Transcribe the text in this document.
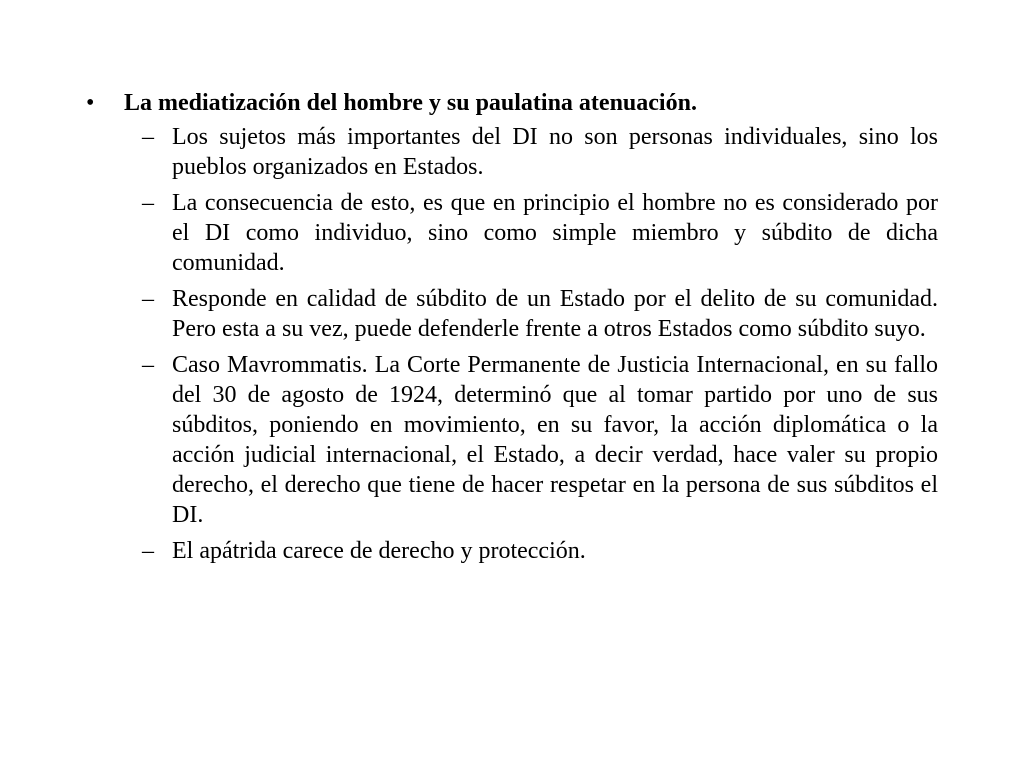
• La mediatización del hombre y su paulatina atenuación.
– Los sujetos más importantes del DI no son personas individuales, sino los pueblos organizados en Estados.
– La consecuencia de esto, es que en principio el hombre no es considerado por el DI como individuo, sino como simple miembro y súbdito de dicha comunidad.
– Responde en calidad de súbdito de un Estado por el delito de su comunidad. Pero esta a su vez, puede defenderle frente a otros Estados como súbdito suyo.
– Caso Mavrommatis. La Corte Permanente de Justicia Internacional, en su fallo del 30 de agosto de 1924, determinó que al tomar partido por uno de sus súbditos, poniendo en movimiento, en su favor, la acción diplomática o la acción judicial internacional, el Estado, a decir verdad, hace valer su propio derecho, el derecho que tiene de hacer respetar en la persona de sus súbditos el DI.
– El apátrida carece de derecho y protección.
